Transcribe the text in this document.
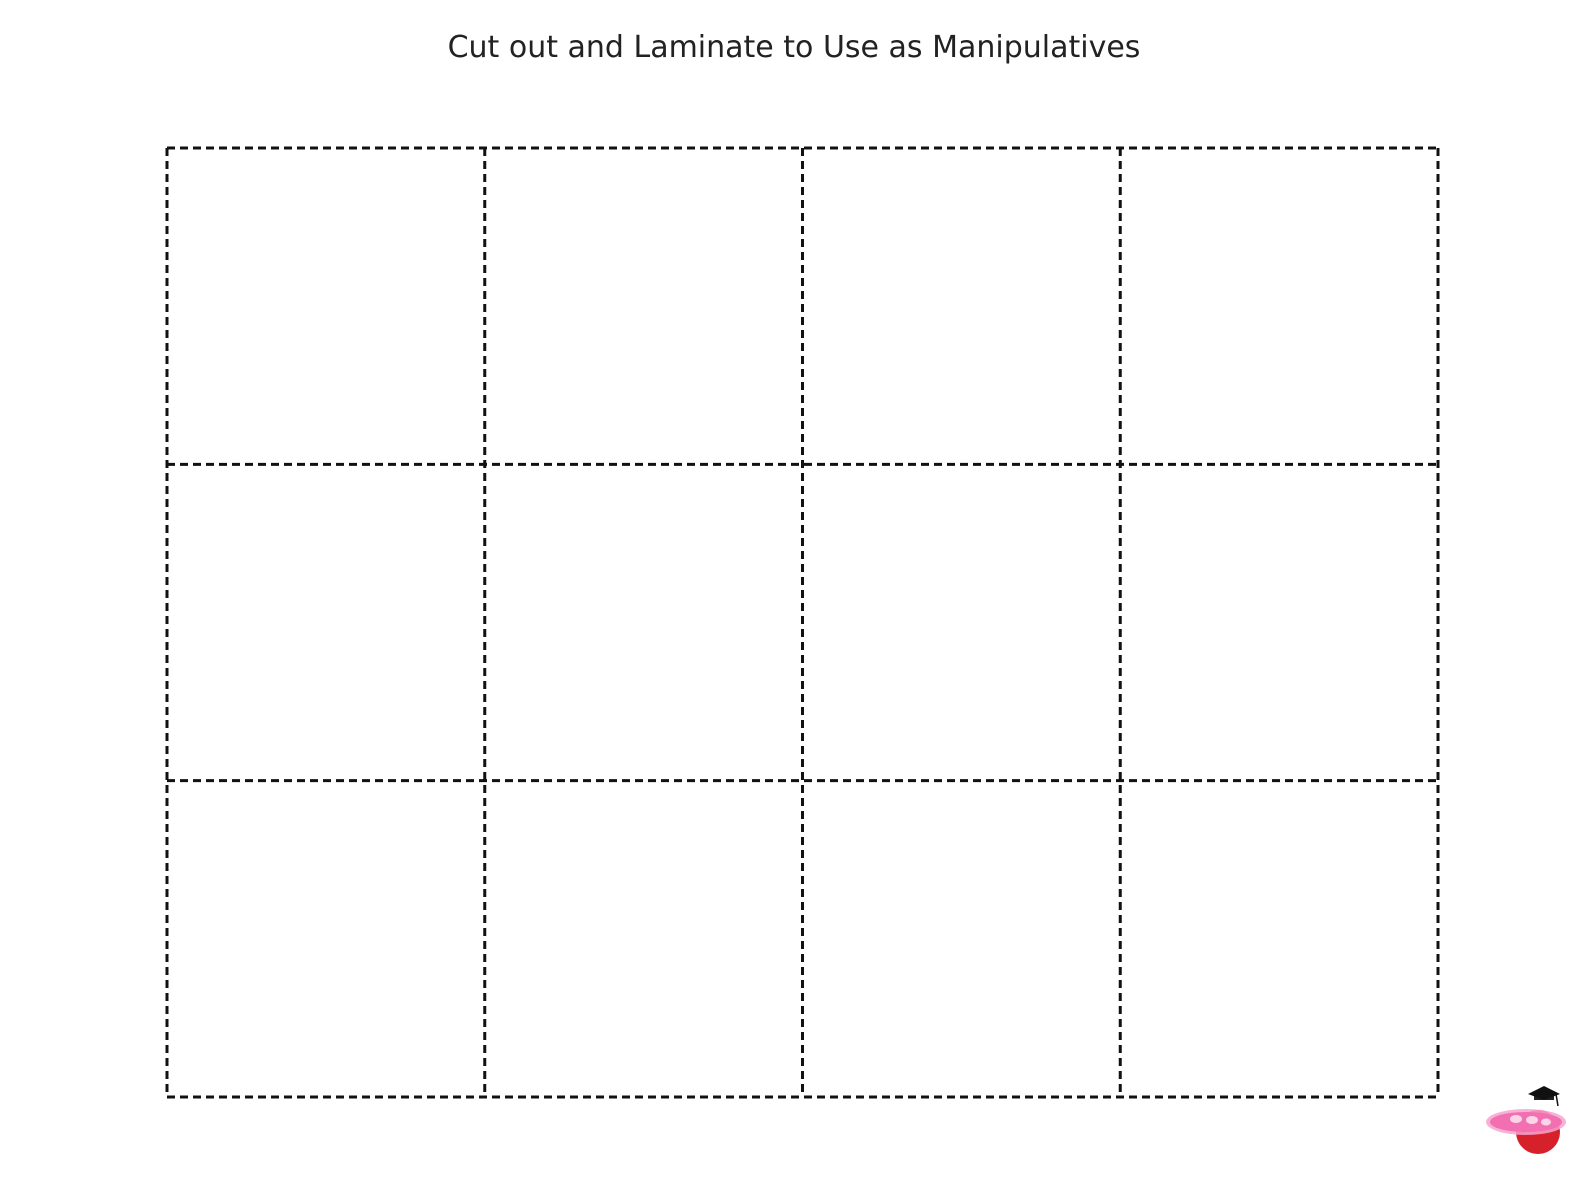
Cut out and Laminate to Use as Manipulatives
